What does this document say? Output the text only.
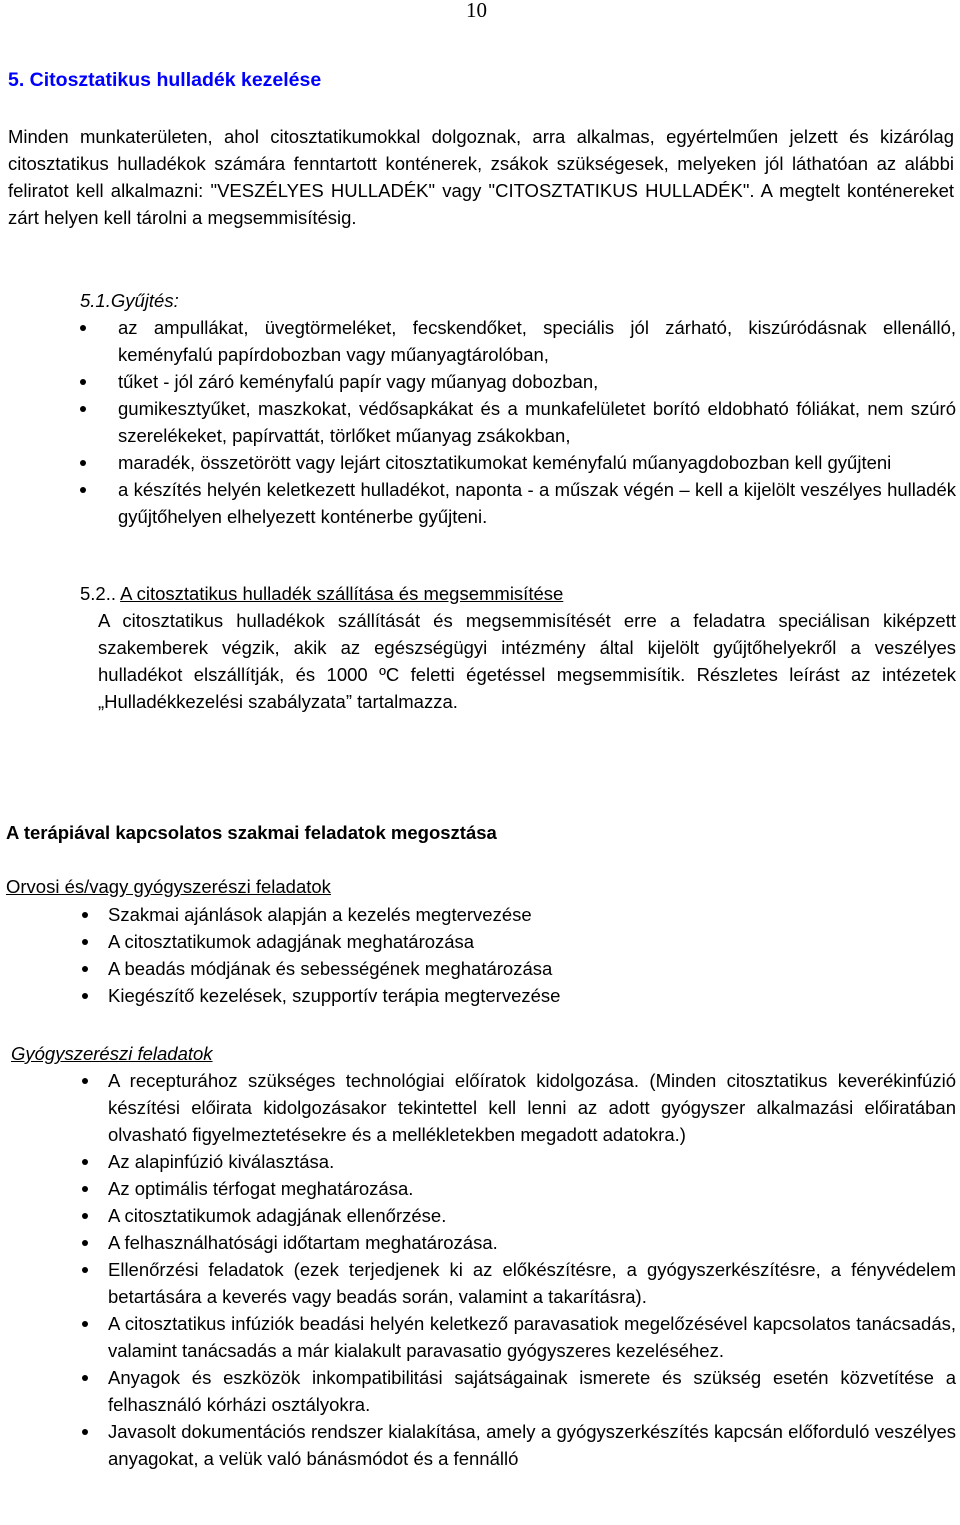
10
5. Citosztatikus hulladék kezelése

Minden munkaterületen, ahol citosztatikumokkal dolgoznak, arra alkalmas, egyértelműen jelzett és kizárólag citosztatikus hulladékok számára fenntartott konténerek, zsákok szükségesek, melyeken jól láthatóan az alábbi feliratot kell alkalmazni: "VESZÉLYES HULLADÉK" vagy "CITOSZTATIKUS HULLADÉK". A megtelt konténereket zárt helyen kell tárolni a megsemmisítésig.

5.1.Gyűjtés:

az ampullákat, üvegtörmeléket, fecskendőket, speciális jól zárható, kiszúródásnak ellenálló, keményfalú papírdobozban vagy műanyagtárolóban,
tűket - jól záró keményfalú papír vagy műanyag dobozban,
gumikesztyűket, maszkokat, védősapkákat és a munkafelületet borító eldobható fóliákat, nem szúró szerelékeket, papírvattát, törlőket műanyag zsákokban,
maradék, összetörött vagy lejárt citosztatikumokat keményfalú műanyagdobozban kell gyűjteni
a készítés helyén keletkezett hulladékot, naponta - a műszak végén – kell a kijelölt veszélyes hulladék gyűjtőhelyen elhelyezett konténerbe gyűjteni.

5.2.. A citosztatikus hulladék szállítása és megsemmisítése

A citosztatikus hulladékok szállítását és megsemmisítését erre a feladatra speciálisan kiképzett szakemberek végzik, akik az egészségügyi intézmény által kijelölt gyűjtőhelyekről a veszélyes hulladékot elszállítják, és 1000 ºC feletti égetéssel megsemmisítik. Részletes leírást az intézetek „Hulladékkezelési szabályzata” tartalmazza.

A terápiával kapcsolatos szakmai feladatok megosztása

Orvosi és/vagy gyógyszerészi feladatok

Szakmai ajánlások alapján a kezelés megtervezése
A citosztatikumok adagjának meghatározása
A beadás módjának és sebességének meghatározása
Kiegészítő kezelések, szupportív terápia megtervezése

Gyógyszerészi feladatok

A recepturához szükséges technológiai előíratok kidolgozása. (Minden citosztatikus keverékinfúzió készítési előirata kidolgozásakor tekintettel kell lenni az adott gyógyszer alkalmazási előiratában olvasható figyelmeztetésekre és a mellékletekben megadott adatokra.)
Az alapinfúzió kiválasztása.
Az optimális térfogat meghatározása.
A citosztatikumok adagjának ellenőrzése.
A felhasználhatósági időtartam meghatározása.
Ellenőrzési feladatok (ezek terjedjenek ki az előkészítésre, a gyógyszerkészítésre, a fényvédelem betartására a keverés vagy beadás során, valamint a takarításra).
A citosztatikus infúziók beadási helyén keletkező paravasatiok megelőzésével kapcsolatos tanácsadás, valamint tanácsadás a már kialakult paravasatio gyógyszeres kezeléséhez.
Anyagok és eszközök inkompatibilitási sajátságainak ismerete és szükség esetén közvetítése a felhasználó kórházi osztályokra.
Javasolt dokumentációs rendszer kialakítása, amely a gyógyszerkészítés kapcsán előforduló veszélyes anyagokat, a velük való bánásmódot és a fennálló
